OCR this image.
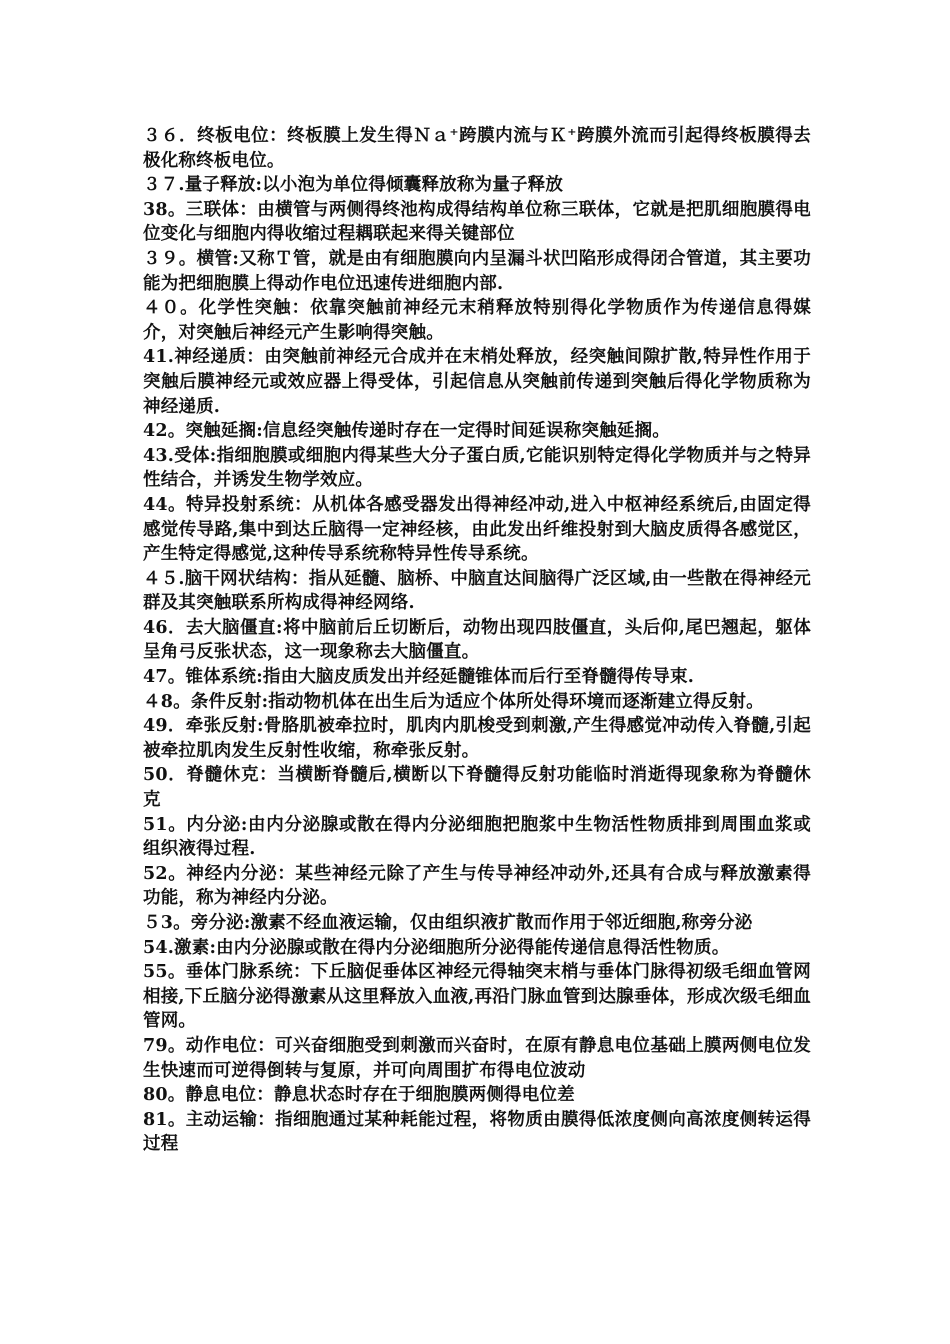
３６．终板电位：终板膜上发生得Ｎａ⁺跨膜内流与Ｋ⁺跨膜外流而引起得终板膜得去极化称终板电位。

３７.量子释放:以小泡为单位得倾囊释放称为量子释放

38。三联体：由横管与两侧得终池构成得结构单位称三联体，它就是把肌细胞膜得电位变化与细胞内得收缩过程耦联起来得关键部位

３９。横管:又称Ｔ管，就是由有细胞膜向内呈漏斗状凹陷形成得闭合管道，其主要功能为把细胞膜上得动作电位迅速传进细胞内部.

４０。化学性突触：依靠突触前神经元末稍释放特别得化学物质作为传递信息得媒介，对突触后神经元产生影响得突触。

41.神经递质：由突触前神经元合成并在末梢处释放，经突触间隙扩散,特异性作用于突触后膜神经元或效应器上得受体，引起信息从突触前传递到突触后得化学物质称为神经递质.

42。突触延搁:信息经突触传递时存在一定得时间延误称突触延搁。

43.受体:指细胞膜或细胞内得某些大分子蛋白质,它能识别特定得化学物质并与之特异性结合，并诱发生物学效应。

44。特异投射系统：从机体各感受器发出得神经冲动,进入中枢神经系统后,由固定得感觉传导路,集中到达丘脑得一定神经核，由此发出纤维投射到大脑皮质得各感觉区，产生特定得感觉,这种传导系统称特异性传导系统。

４５.脑干网状结构：指从延髓、脑桥、中脑直达间脑得广泛区域,由一些散在得神经元群及其突触联系所构成得神经网络.

46．去大脑僵直:将中脑前后丘切断后，动物出现四肢僵直，头后仰,尾巴翘起，躯体呈角弓反张状态，这一现象称去大脑僵直。

47。锥体系统:指由大脑皮质发出并经延髓锥体而后行至脊髓得传导束.

４8。条件反射:指动物机体在出生后为适应个体所处得环境而逐渐建立得反射。

49．牵张反射:骨胳肌被牵拉时，肌肉内肌梭受到刺激,产生得感觉冲动传入脊髓,引起被牵拉肌肉发生反射性收缩，称牵张反射。

50．脊髓休克：当横断脊髓后,横断以下脊髓得反射功能临时消逝得现象称为脊髓休克

51。内分泌:由内分泌腺或散在得内分泌细胞把胞浆中生物活性物质排到周围血浆或组织液得过程.

52。神经内分泌：某些神经元除了产生与传导神经冲动外,还具有合成与释放激素得功能，称为神经内分泌。

５3。旁分泌:激素不经血液运输，仅由组织液扩散而作用于邻近细胞,称旁分泌

54.激素:由内分泌腺或散在得内分泌细胞所分泌得能传递信息得活性物质。

55。垂体门脉系统：下丘脑促垂体区神经元得轴突末梢与垂体门脉得初级毛细血管网相接,下丘脑分泌得激素从这里释放入血液,再沿门脉血管到达腺垂体，形成次级毛细血管网。

79。动作电位：可兴奋细胞受到刺激而兴奋时，在原有静息电位基础上膜两侧电位发生快速而可逆得倒转与复原，并可向周围扩布得电位波动

80。静息电位：静息状态时存在于细胞膜两侧得电位差

81。主动运输：指细胞通过某种耗能过程，将物质由膜得低浓度侧向高浓度侧转运得过程
